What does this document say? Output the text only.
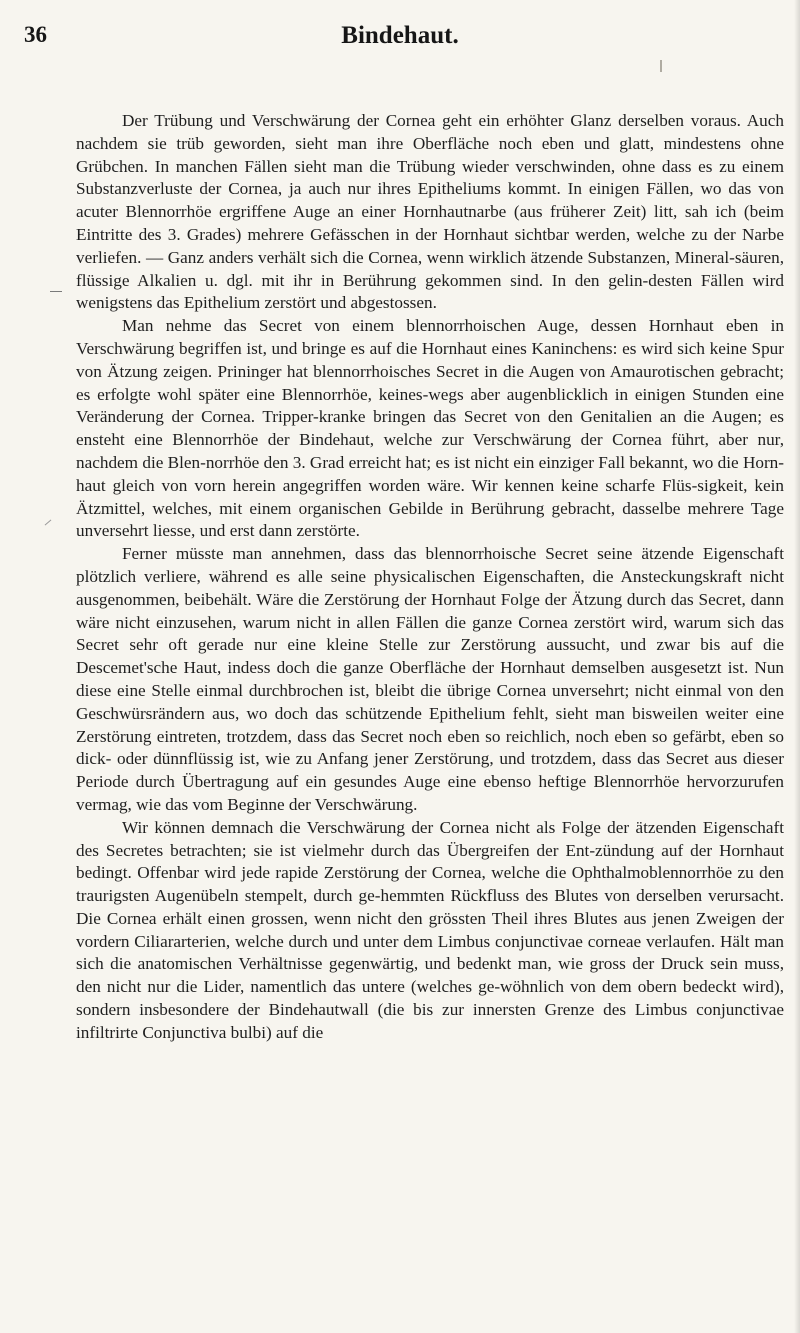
36	Bindehaut.

Der Trübung und Verschwärung der Cornea geht ein erhöhter Glanz derselben voraus. Auch nachdem sie trüb geworden, sieht man ihre Oberfläche noch eben und glatt, mindestens ohne Grübchen. In manchen Fällen sieht man die Trübung wieder verschwinden, ohne dass es zu einem Substanzverluste der Cornea, ja auch nur ihres Epitheliums kommt. In einigen Fällen, wo das von acuter Blennorrhöe ergriffene Auge an einer Hornhautnarbe (aus früherer Zeit) litt, sah ich (beim Eintritte des 3. Grades) mehrere Gefässchen in der Hornhaut sichtbar werden, welche zu der Narbe verliefen. — Ganz anders verhält sich die Cornea, wenn wirklich ätzende Substanzen, Mineral-säuren, flüssige Alkalien u. dgl. mit ihr in Berührung gekommen sind. In den gelin-desten Fällen wird wenigstens das Epithelium zerstört und abgestossen.

Man nehme das Secret von einem blennorrhoischen Auge, dessen Hornhaut eben in Verschwärung begriffen ist, und bringe es auf die Hornhaut eines Kaninchens: es wird sich keine Spur von Ätzung zeigen. Prininger hat blennorrhoisches Secret in die Augen von Amaurotischen gebracht; es erfolgte wohl später eine Blennorrhöe, keines-wegs aber augenblicklich in einigen Stunden eine Veränderung der Cornea. Tripper-kranke bringen das Secret von den Genitalien an die Augen; es ensteht eine Blennorrhöe der Bindehaut, welche zur Verschwärung der Cornea führt, aber nur, nachdem die Blen-norrhöe den 3. Grad erreicht hat; es ist nicht ein einziger Fall bekannt, wo die Horn-haut gleich von vorn herein angegriffen worden wäre. Wir kennen keine scharfe Flüs-sigkeit, kein Ätzmittel, welches, mit einem organischen Gebilde in Berührung gebracht, dasselbe mehrere Tage unversehrt liesse, und erst dann zerstörte.

Ferner müsste man annehmen, dass das blennorrhoische Secret seine ätzende Eigenschaft plötzlich verliere, während es alle seine physicalischen Eigenschaften, die Ansteckungskraft nicht ausgenommen, beibehält. Wäre die Zerstörung der Hornhaut Folge der Ätzung durch das Secret, dann wäre nicht einzusehen, warum nicht in allen Fällen die ganze Cornea zerstört wird, warum sich das Secret sehr oft gerade nur eine kleine Stelle zur Zerstörung aussucht, und zwar bis auf die Descemet'sche Haut, indess doch die ganze Oberfläche der Hornhaut demselben ausgesetzt ist. Nun diese eine Stelle einmal durchbrochen ist, bleibt die übrige Cornea unversehrt; nicht einmal von den Geschwürsrändern aus, wo doch das schützende Epithelium fehlt, sieht man bisweilen weiter eine Zerstörung eintreten, trotzdem, dass das Secret noch eben so reichlich, noch eben so gefärbt, eben so dick- oder dünnflüssig ist, wie zu Anfang jener Zerstörung, und trotzdem, dass das Secret aus dieser Periode durch Übertragung auf ein gesundes Auge eine ebenso heftige Blennorrhöe hervorzurufen vermag, wie das vom Beginne der Verschwärung.

Wir können demnach die Verschwärung der Cornea nicht als Folge der ätzenden Eigenschaft des Secretes betrachten; sie ist vielmehr durch das Übergreifen der Ent-zündung auf der Hornhaut bedingt. Offenbar wird jede rapide Zerstörung der Cornea, welche die Ophthalmoblennorrhöe zu den traurigsten Augenübeln stempelt, durch ge-hemmten Rückfluss des Blutes von derselben verursacht. Die Cornea erhält einen grossen, wenn nicht den grössten Theil ihres Blutes aus jenen Zweigen der vordern Ciliararterien, welche durch und unter dem Limbus conjunctivae corneae verlaufen. Hält man sich die anatomischen Verhältnisse gegenwärtig, und bedenkt man, wie gross der Druck sein muss, den nicht nur die Lider, namentlich das untere (welches ge-wöhnlich von dem obern bedeckt wird), sondern insbesondere der Bindehautwall (die bis zur innersten Grenze des Limbus conjunctivae infiltrirte Conjunctiva bulbi) auf die
